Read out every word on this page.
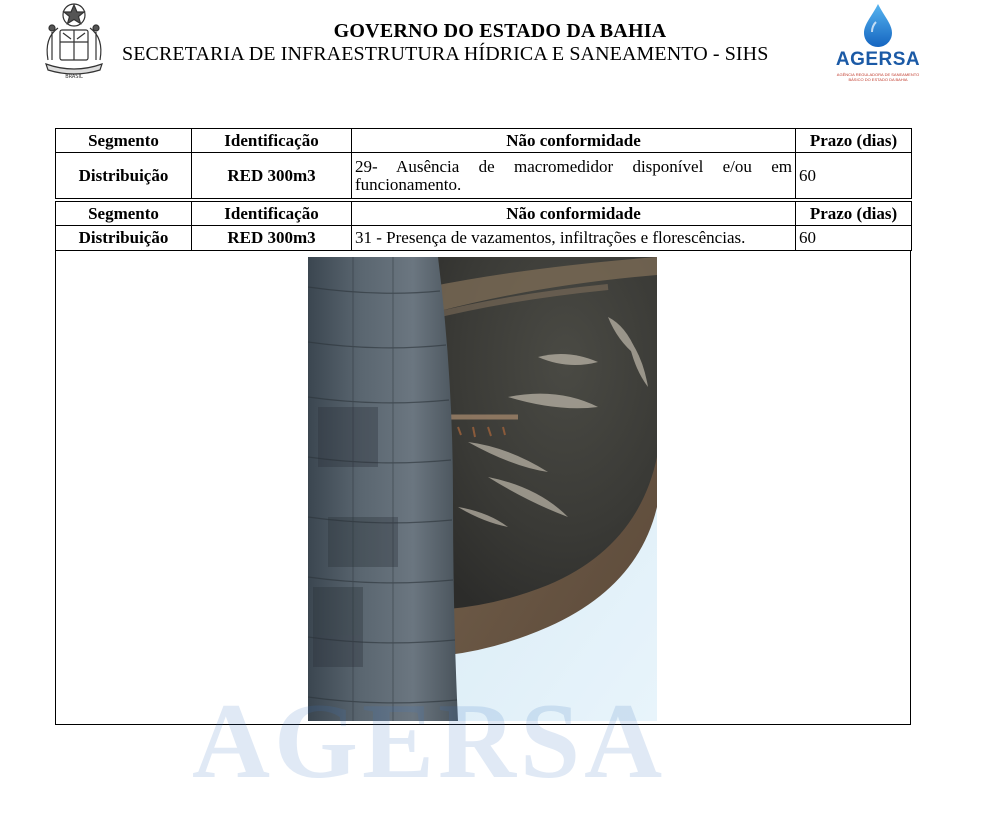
BRASIL
GOVERNO DO ESTADO DA BAHIA
SECRETARIA DE INFRAESTRUTURA HÍDRICA E SANEAMENTO - SIHS	AGERSA
AGÊNCIA REGULADORA DE SANEAMENTO BÁSICO DO ESTADO DA BAHIA
Segmento	Identificação	Não conformidade	Prazo (dias)
Distribuição	RED 300m3	29- Ausência de macromedidor disponível e/ou em funcionamento.	60
Segmento	Identificação	Não conformidade	Prazo (dias)
Distribuição	RED 300m3	31 - Presença de vazamentos, infiltrações e florescências.	60
AGERSA
